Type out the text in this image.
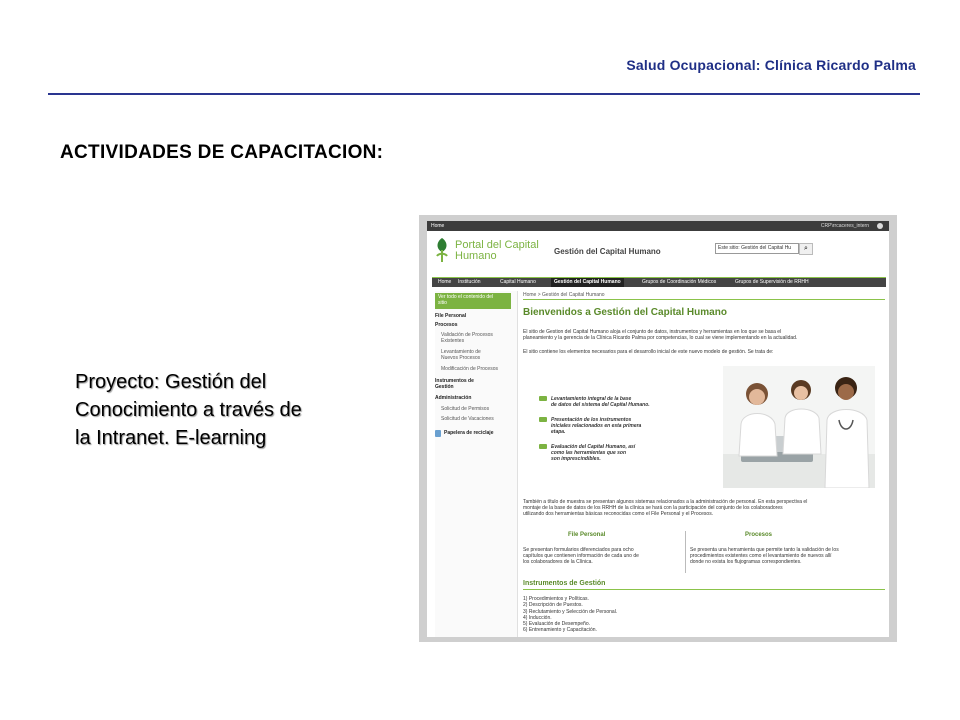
Salud Ocupacional: Clínica Ricardo Palma
ACTIVIDADES DE CAPACITACION:
Proyecto: Gestión del
Conocimiento a través de
la Intranet. E-learning
Home	CRP\rrcaceres_intern
Portal del Capital
Humano	Gestión del Capital Humano	Este sitio: Gestión del Capital Hu	⌕
Home Institución	Capital Humano	Gestión del Capital Humano	Grupos de Coordinación Médicos	Grupos de Supervisión de RRHH
Ver todo el contenido del
sitio
File Personal
Procesos
Validación de Procesos
Existentes
Levantamiento de
Nuevos Procesos
Modificación de Procesos
Instrumentos de
Gestión
Administración
Solicitud de Permisos
Solicitud de Vacaciones
Papelera de reciclaje
Home > Gestión del Capital Humano
Bienvenidos a Gestión del Capital Humano
El sitio de Gestion del Capital Humano aloja el conjunto de datos, instrumentos y herramientas en los que se basa el
planeamiento y la gerencia de la Clínica Ricardo Palma por competencias, lo cual se viene implementando en la actualidad.
El sitio contiene los elementos necesarios para el desarrollo inicial de este nuevo modelo de gestión. Se trata de:
Levantamiento integral de la base
de datos del sistema del Capital Humano.
Presentación de los instrumentos
iniciales relacionados en esta primera
etapa.
Evaluación del Capital Humano, así
como las herramientas que son
son imprescindibles.
También a título de muestra se presentan algunos sistemas relacionados a la administración de personal. En esta perspectiva el
montaje de la base de datos de los RRHH de la clínica se hará con la participación del conjunto de los colaboradores
utilizando dos herramientas básicas reconocidas como el File Personal y el Procesos.
File Personal
Se presentan formularios diferenciados para ocho
capítulos que contienen información de cada uno de
los colaboradores de la Clínica.
Procesos
Se presenta una herramienta que permite tanto la validación de los
procedimientos existentes como el levantamiento de nuevos allí
donde no exista los flujogramas correspondientes.
Instrumentos de Gestión
1) Procedimientos y Políticas.
2) Descripción de Puestos.
3) Reclutamiento y Selección de Personal.
4) Inducción.
5) Evaluación de Desempeño.
6) Entrenamiento y Capacitación.
